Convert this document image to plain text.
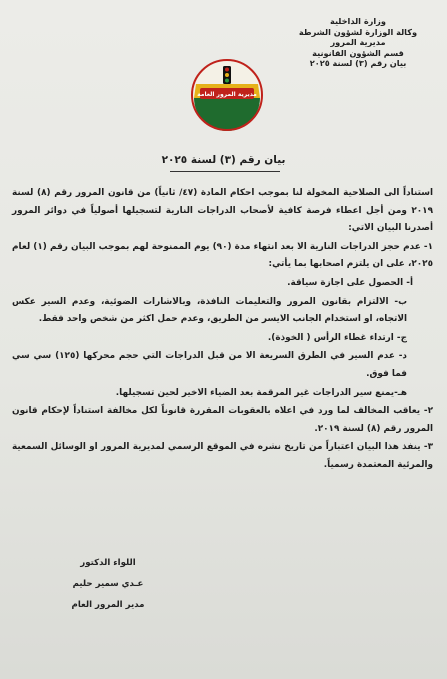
وزارة الداخلية
وكالة الوزارة لشؤون الشرطة
مديرية المرور
قسم الشؤون القانونية
بيان رقم (٣) لسنة ٢٠٢٥
مديرية المرور العامة
بيان رقم (٣) لسنة ٢٠٢٥

استناداً الى الصلاحية المخولة لنا بموجب احكام المادة (٤٧/ ثانياً) من قانون المرور رقم (٨) لسنة ٢٠١٩ ومن أجل اعطاء فرصة كافية لأصحاب الدراجات النارية لتسجيلها أصولياً في دوائر المرور أصدرنا البيان الاتي:

١- عدم حجز الدراجات النارية الا بعد انتهاء مدة (٩٠) يوم الممنوحة لهم بموجب البيان رقم (١) لعام ٢٠٢٥، على ان يلتزم اصحابها بما يأتي:

أ- الحصول على اجازة سياقة.

ب- الالتزام بقانون المرور والتعليمات النافذة، وبالاشارات الضوئية، وعدم السير عكس الاتجاه، او استخدام الجانب الايسر من الطريق، وعدم حمل اكثر من شخص واحد فقط.

ج- ارتداء غطاء الرأس ( الخوذة).

د- عدم السير في الطرق السريعة الا من قبل الدراجات التي حجم محركها (١٢٥) سي سي فما فوق.

هـ-يمنع سير الدراجات غير المرقمة بعد الضياء الاخير لحين تسجيلها.

٢- يعاقب المخالف لما ورد في اعلاه بالعقوبات المقررة قانوناً لكل مخالفة استناداً لإحكام قانون المرور رقم (٨) لسنة ٢٠١٩.

٣- ينفذ هذا البيان اعتباراً من تاريخ نشره في الموقع الرسمي لمديرية المرور او الوسائل السمعية والمرئية المعتمدة رسمياً.

اللواء الدكتور
عـدي سمير حليم
مدير المرور العام
